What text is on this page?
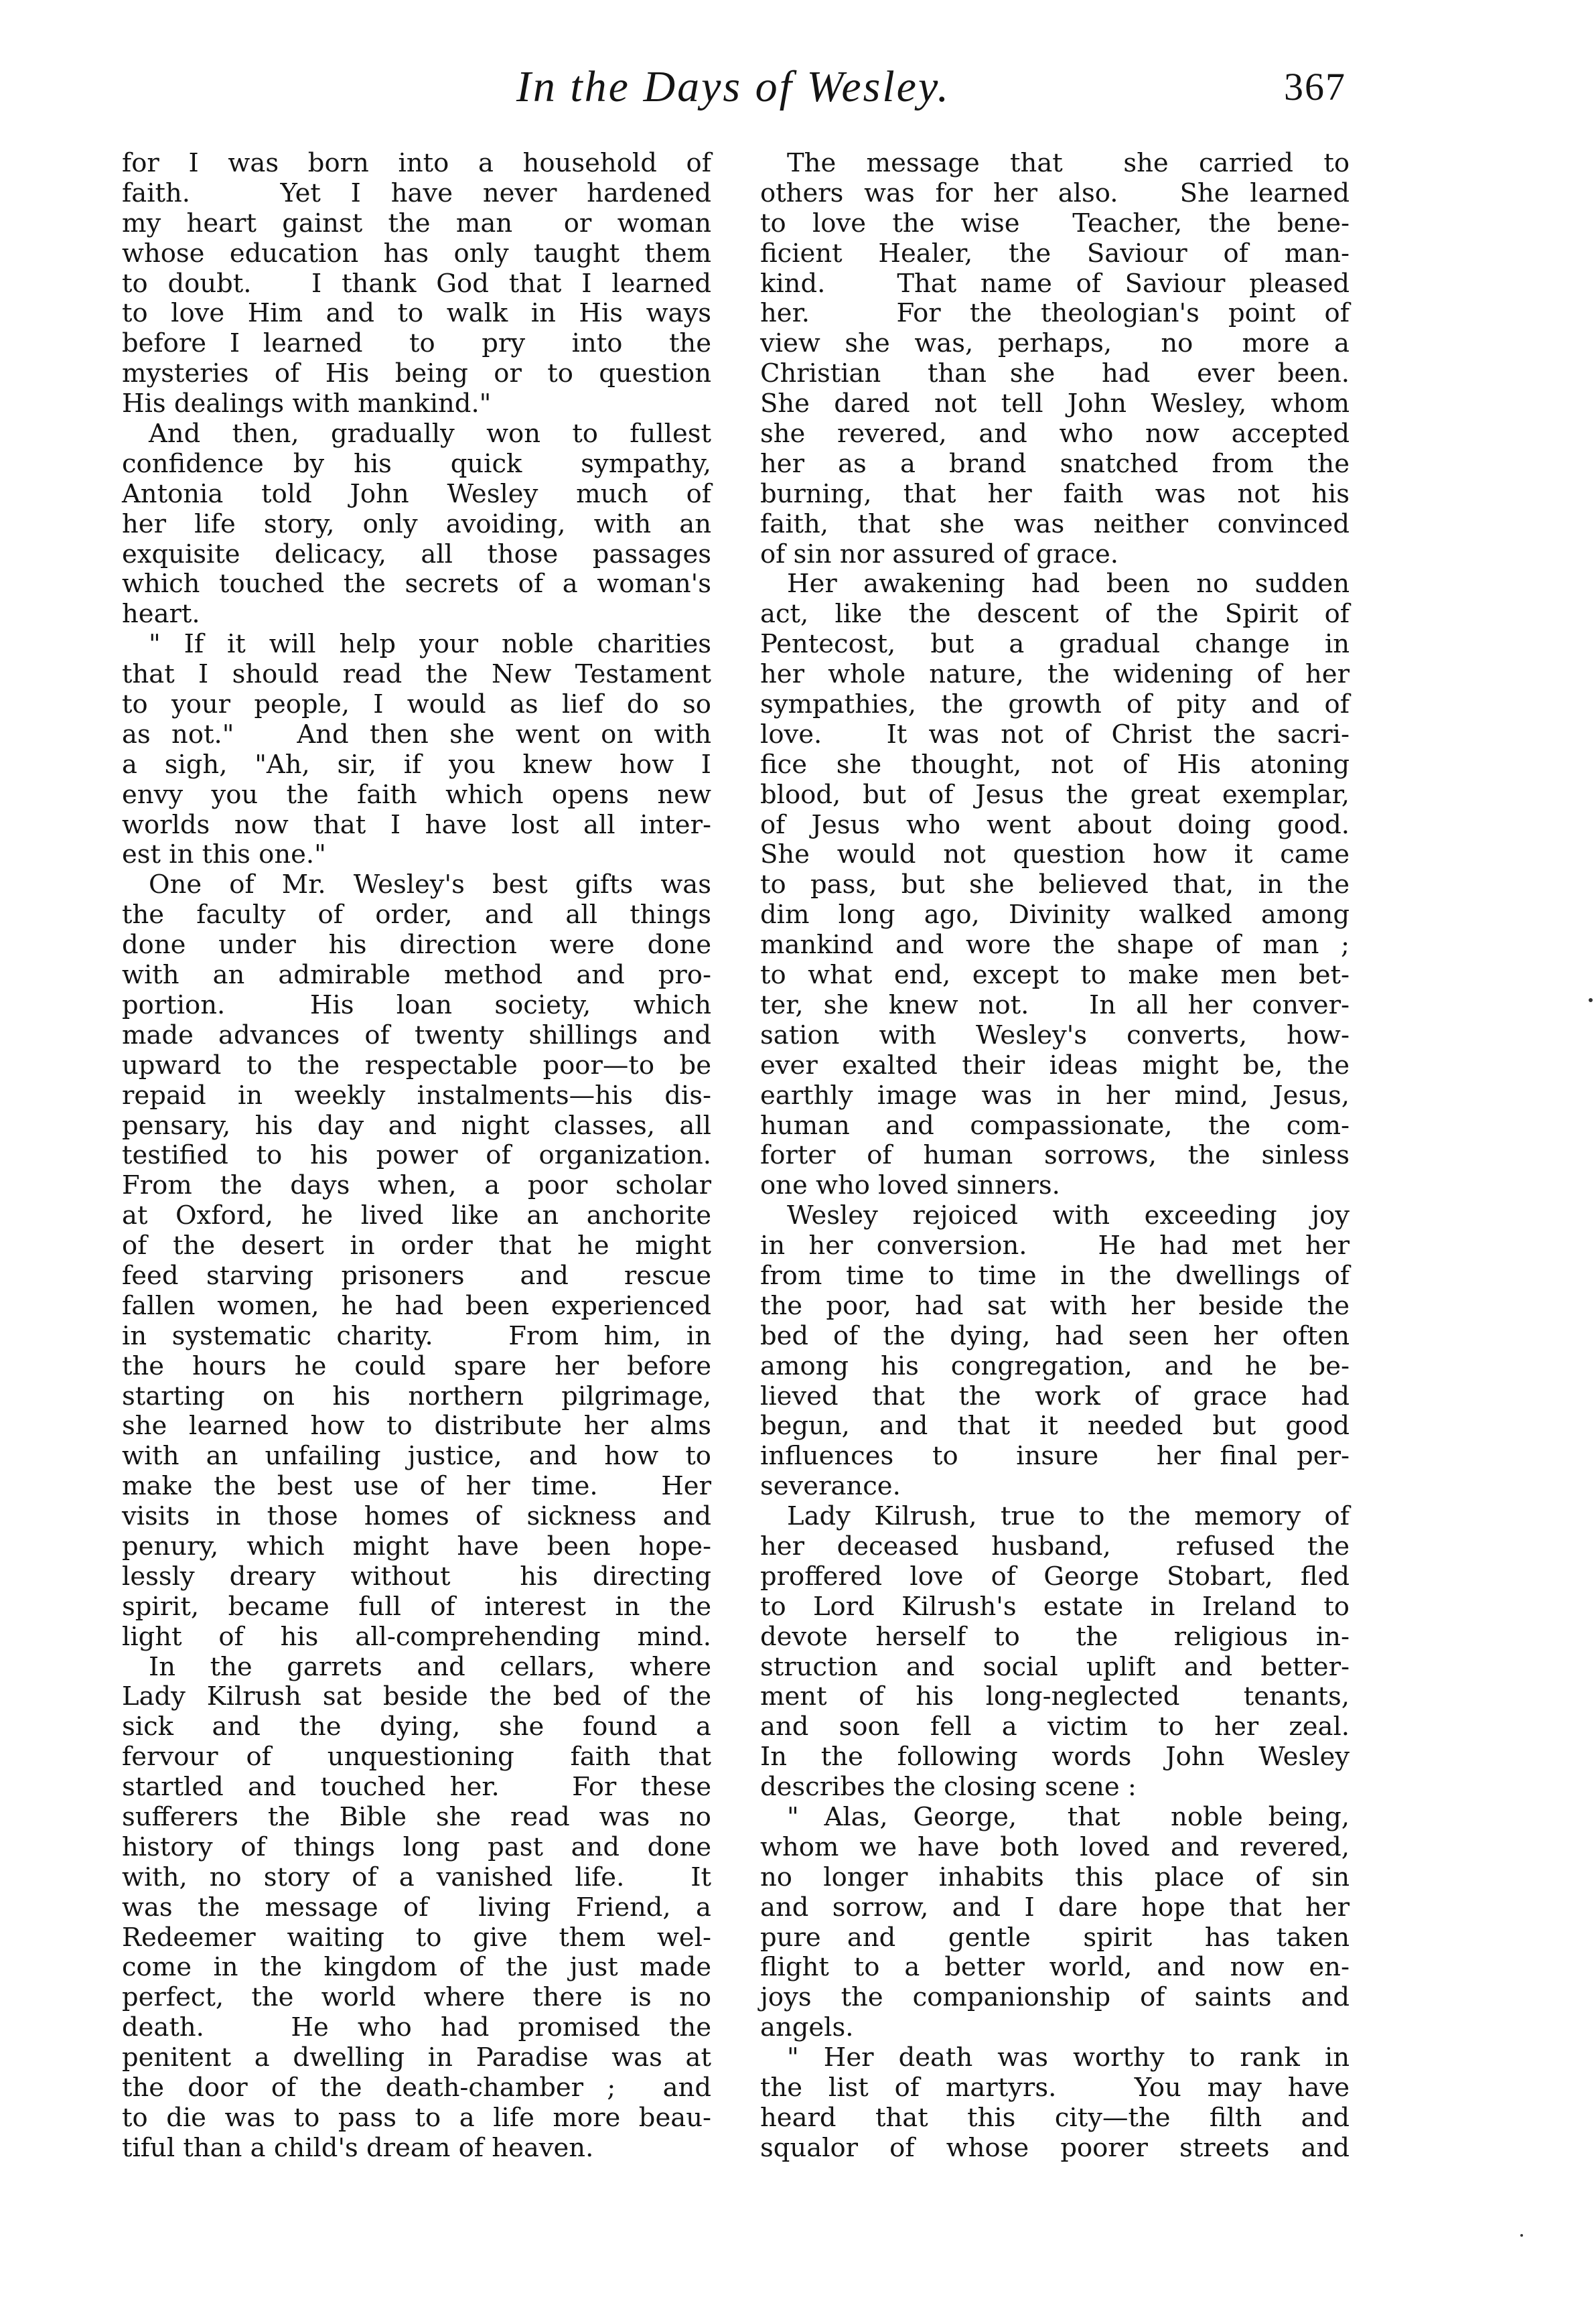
In the Days of Wesley.	367
for I was born into a household of
faith.   Yet I have never hardened
my heart gainst the man  or woman
whose education has only taught them
to doubt.   I thank God that I learned
to love Him and to walk in His ways
before I learned  to  pry  into  the
mysteries of His being or to question
His dealings with mankind."
And then, gradually won to fullest
confidence by his  quick  sympathy,
Antonia told John Wesley much of
her life story, only avoiding, with an
exquisite delicacy, all those passages
which touched the secrets of a woman's
heart.
" If it will help your noble charities
that I should read the New Testament
to your people, I would as lief do so
as not."   And then she went on with
a sigh, "Ah, sir, if you knew how I
envy you the faith which opens new
worlds now that I have lost all inter-
est in this one."
One of Mr. Wesley's best gifts was
the faculty of order, and all things
done under his direction were done
with an admirable method and pro-
portion.    His  loan  society,  which
made advances of twenty shillings and
upward to the respectable poor—to be
repaid in weekly instalments—his dis-
pensary, his day and night classes, all
testified to his power of organization.
From the days when, a poor scholar
at Oxford, he lived like an anchorite
of the desert in order that he might
feed starving prisoners  and  rescue
fallen women, he had been experienced
in systematic charity.   From him, in
the hours he could spare her before
starting on his northern pilgrimage,
she learned how to distribute her alms
with an unfailing justice, and how to
make the best use of her time.   Her
visits in those homes of sickness and
penury, which might have been hope-
lessly dreary without  his directing
spirit, became full of interest in the
light of his all-comprehending mind.
In the garrets and cellars, where
Lady Kilrush sat beside the bed of the
sick  and  the  dying,  she  found  a
fervour of  unquestioning  faith that
startled and touched her.   For these
sufferers the Bible she read was no
history of things long past and done
with, no story of a vanished life.   It
was the message of  living Friend, a
Redeemer waiting to give them wel-
come in the kingdom of the just made
perfect, the world where there is no
death.   He who had promised the
penitent a dwelling in Paradise was at
the door of the death-chamber ;  and
to die was to pass to a life more beau-
tiful than a child's dream of heaven.
The message that  she carried to
others was for her also.   She learned
to love the wise  Teacher, the bene-
ficient Healer, the Saviour of man-
kind.   That name of Saviour pleased
her.   For the theologian's point of
view she was, perhaps,  no  more a
Christian  than she  had  ever been.
She dared not tell John Wesley, whom
she revered, and who now accepted
her as a brand snatched from the
burning, that her faith was not his
faith, that she was neither convinced
of sin nor assured of grace.
Her awakening had been no sudden
act, like the descent of the Spirit of
Pentecost, but a gradual change in
her whole nature, the widening of her
sympathies, the growth of pity and of
love.   It was not of Christ the sacri-
fice she thought, not of His atoning
blood, but of Jesus the great exemplar,
of Jesus who went about doing good.
She would not question how it came
to pass, but she believed that, in the
dim long ago, Divinity walked among
mankind and wore the shape of man ;
to what end, except to make men bet-
ter, she knew not.   In all her conver-
sation with Wesley's converts, how-
ever exalted their ideas might be, the
earthly image was in her mind, Jesus,
human and compassionate, the com-
forter of human sorrows, the sinless
one who loved sinners.
Wesley rejoiced with exceeding joy
in her conversion.   He had met her
from time to time in the dwellings of
the poor, had sat with her beside the
bed of the dying, had seen her often
among his congregation, and he be-
lieved that the work of grace had
begun, and that it needed but good
influences  to   insure   her final per-
severance.
Lady Kilrush, true to the memory of
her deceased husband,  refused the
proffered love of George Stobart, fled
to Lord Kilrush's estate in Ireland to
devote herself to  the  religious in-
struction and social uplift and better-
ment of his long-neglected  tenants,
and soon fell a victim to her zeal.
In the following words John Wesley
describes the closing scene :
" Alas, George,  that  noble being,
whom we have both loved and revered,
no longer inhabits this place of sin
and sorrow, and I dare hope that her
pure and  gentle  spirit  has taken
flight to a better world, and now en-
joys the companionship of saints and
angels.
" Her death was worthy to rank in
the list of martyrs.   You may have
heard that this city—the filth and
squalor of whose poorer streets and
